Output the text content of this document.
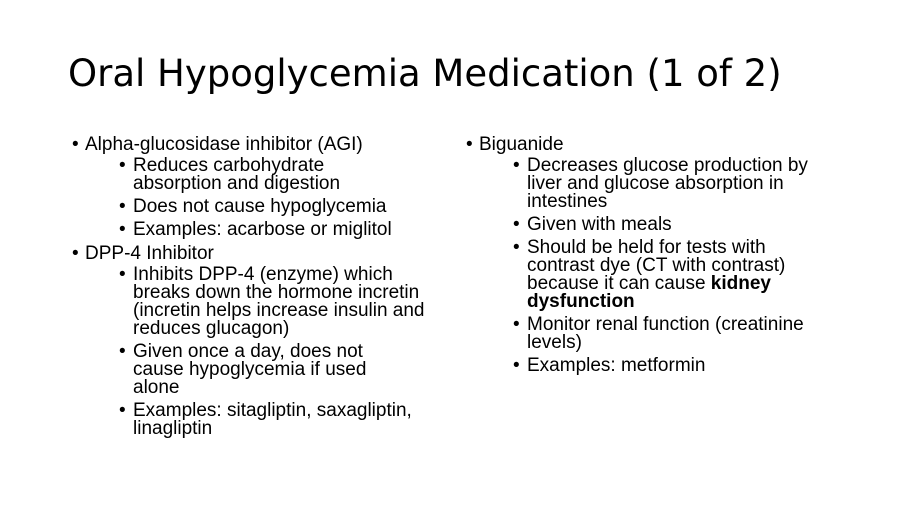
Oral Hypoglycemia Medication (1 of 2)
• Alpha-glucosidase inhibitor (AGI)
• Reduces carbohydrate absorption and digestion
• Does not cause hypoglycemia
• Examples: acarbose or miglitol
• DPP-4 Inhibitor
• Inhibits DPP-4 (enzyme) which breaks down the hormone incretin (incretin helps increase insulin and reduces glucagon)
• Given once a day, does not cause hypoglycemia if used alone
• Examples: sitagliptin, saxagliptin, linagliptin
• Biguanide
• Decreases glucose production by liver and glucose absorption in intestines
• Given with meals
• Should be held for tests with contrast dye (CT with contrast) because it can cause kidney dysfunction
• Monitor renal function (creatinine levels)
• Examples: metformin
